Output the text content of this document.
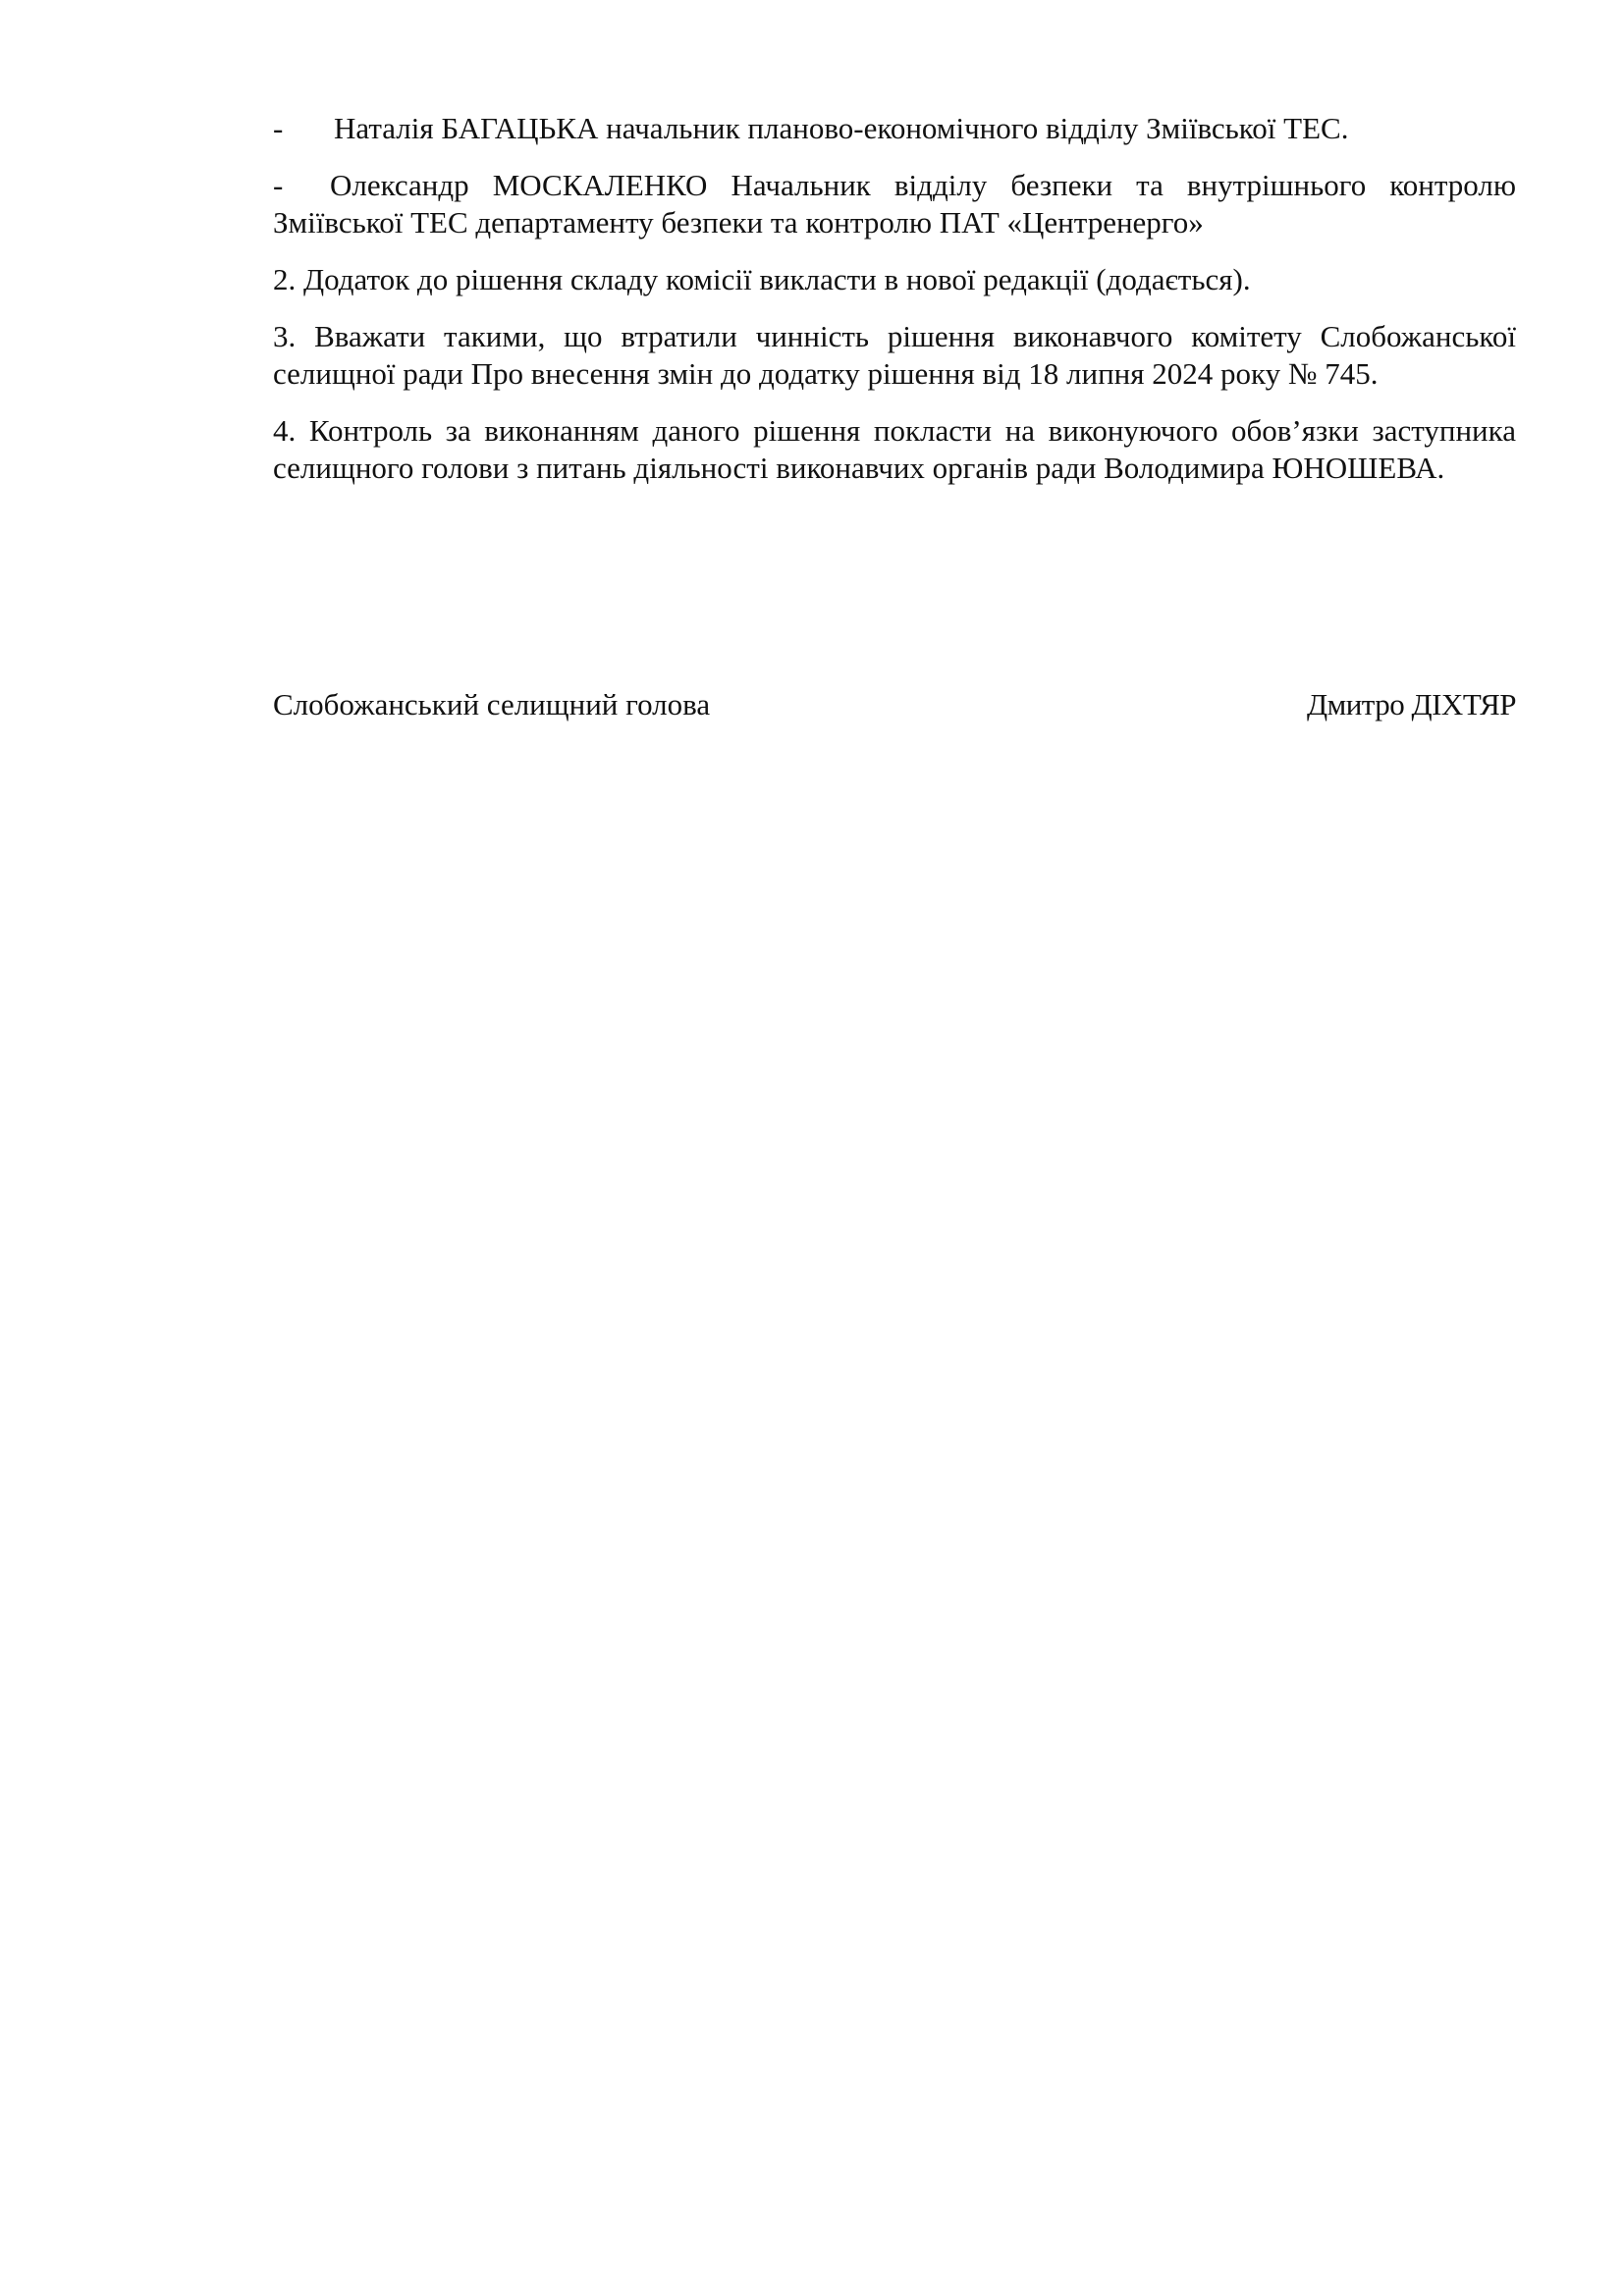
-	Наталія БАГАЦЬКА начальник планово-економічного відділу Зміївської ТЕС.
- Олександр МОСКАЛЕНКО Начальник відділу безпеки та внутрішнього контролю Зміївської ТЕС департаменту безпеки та контролю ПАТ «Центренерго»

2. Додаток до рішення складу комісії викласти в нової редакції (додається).

3. Вважати такими, що втратили чинність рішення виконавчого комітету Слобожанської селищної ради Про внесення змін до додатку рішення від 18 липня 2024 року № 745.

4. Контроль за виконанням даного рішення покласти на виконуючого обов’язки заступника селищного голови з питань діяльності виконавчих органів ради Володимира ЮНОШЕВА.

Слобожанський селищний голова	Дмитро ДІХТЯР
